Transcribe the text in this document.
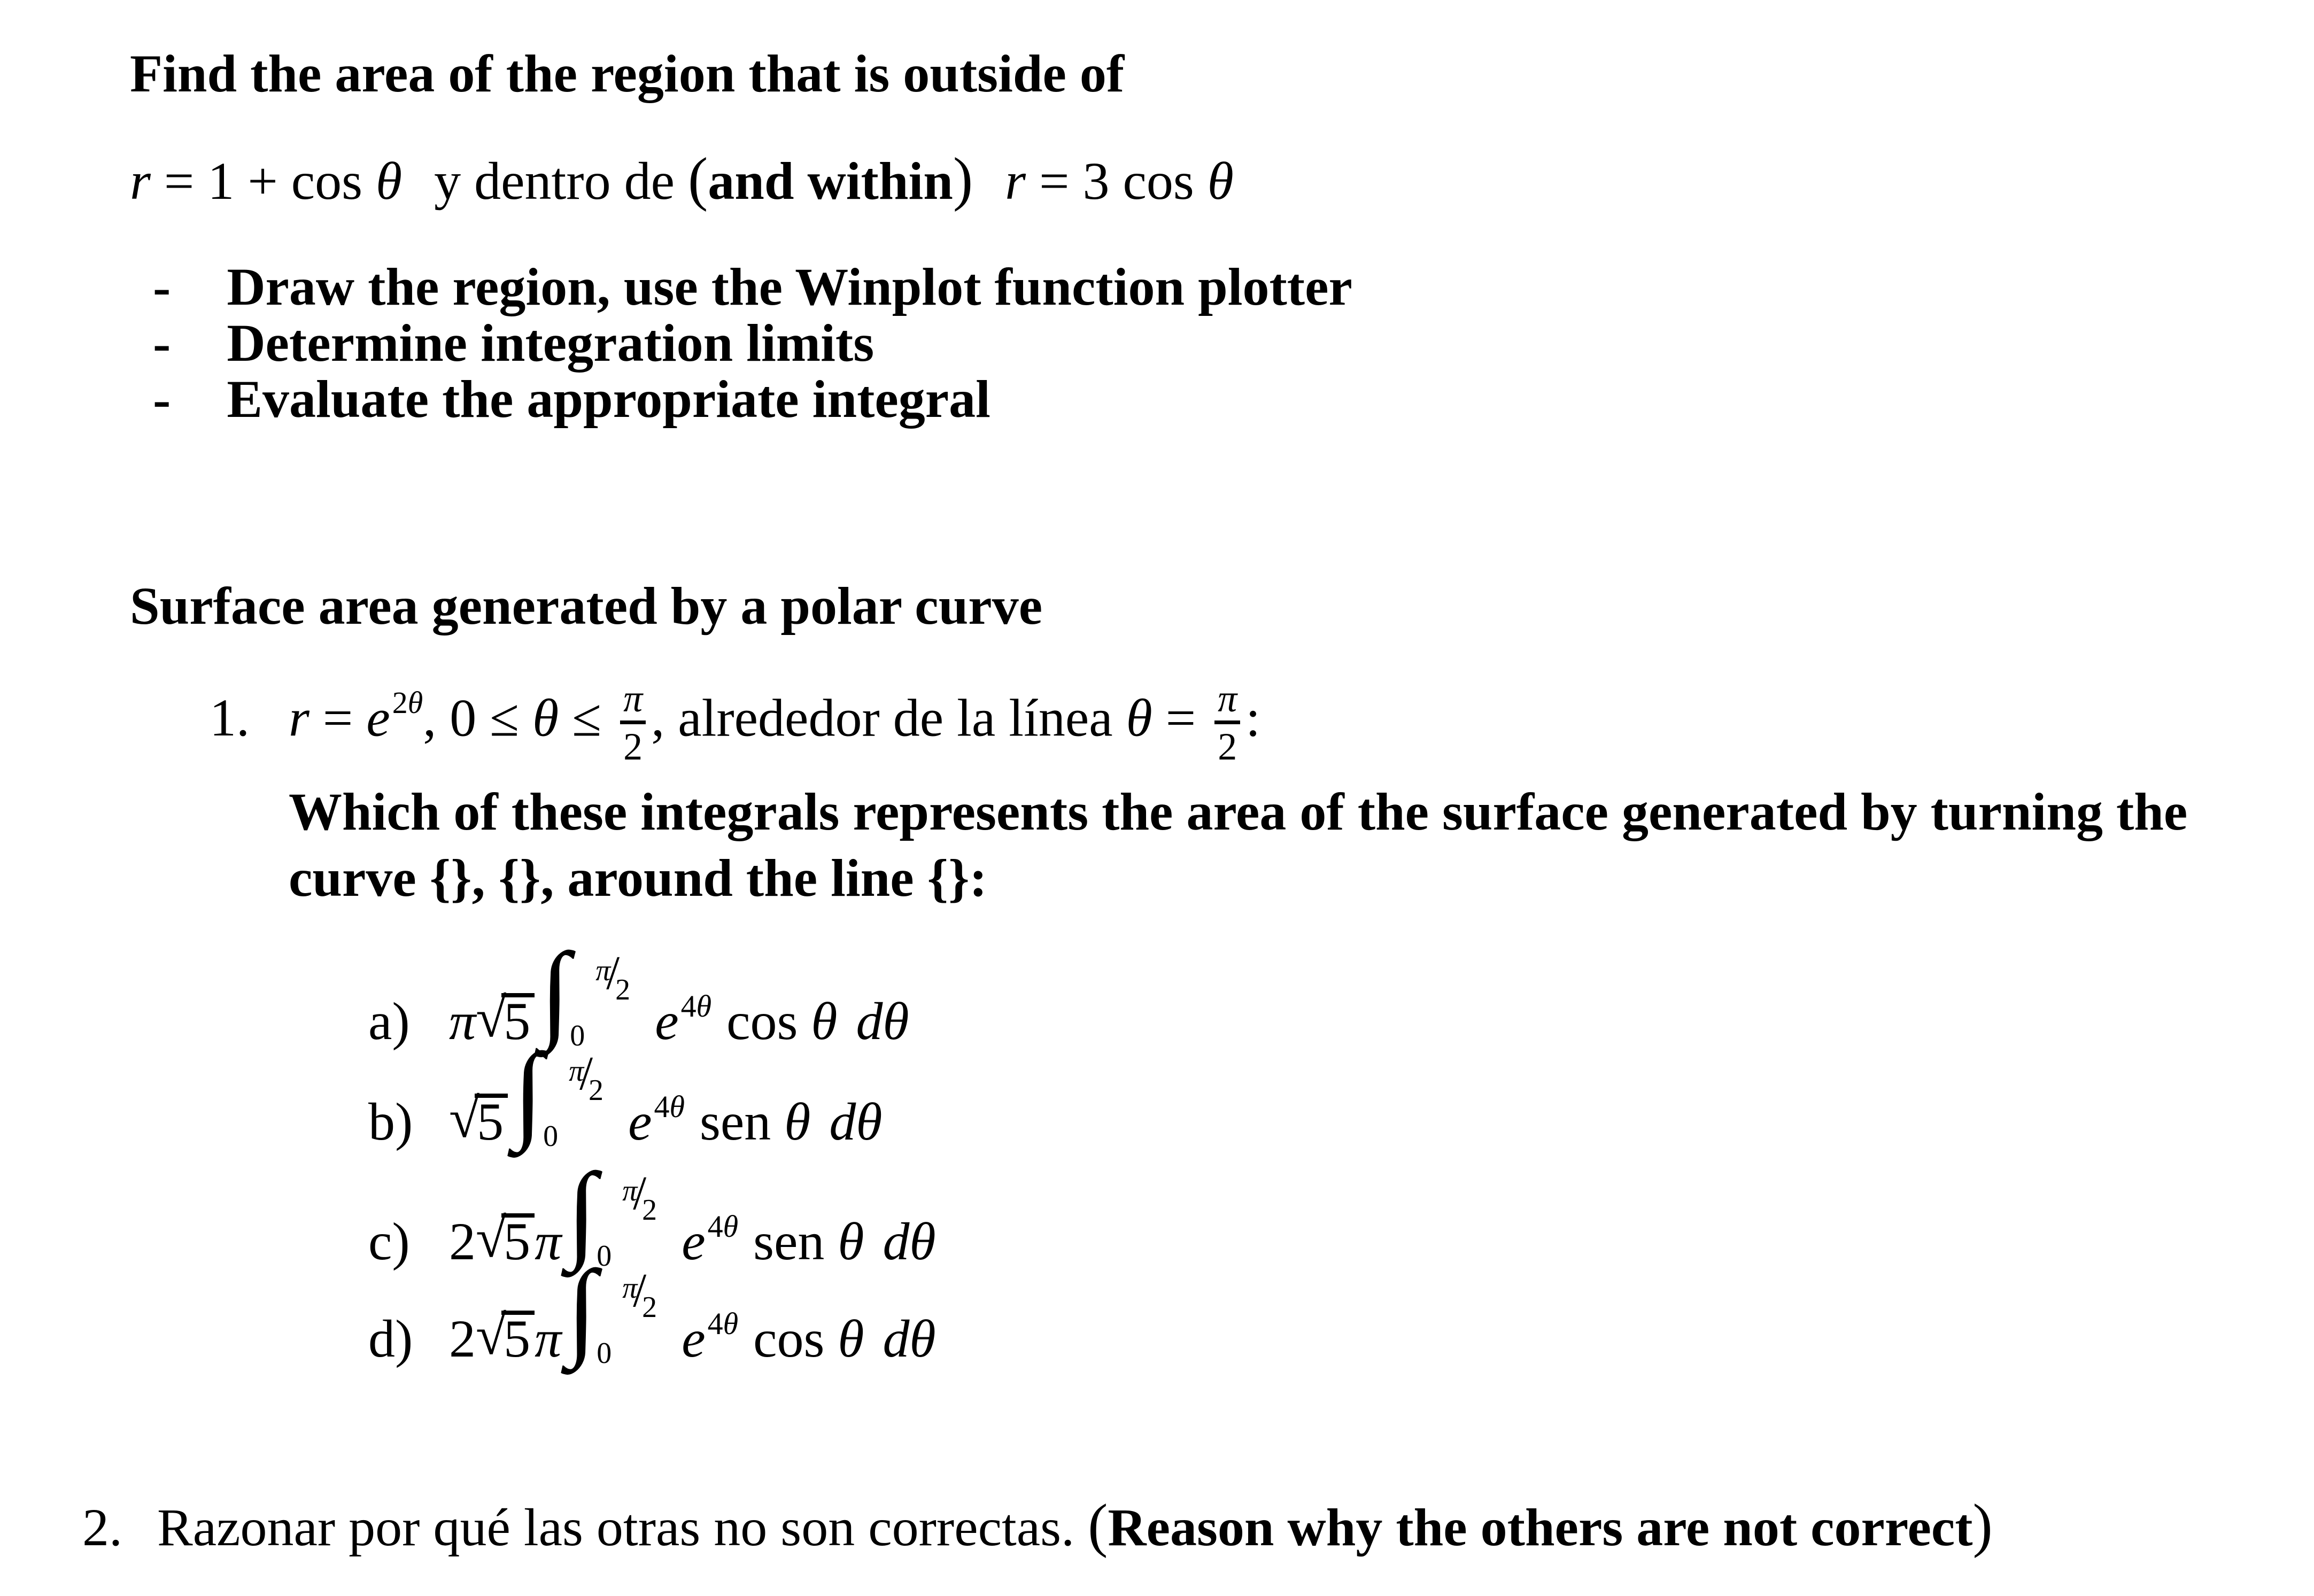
Find the area of the region that is outside of
r = 1 + cos θ y dentro de (and within) r = 3 cos θ
- Draw the region, use the Winplot function plotter
- Determine integration limits
- Evaluate the appropriate integral
Surface area generated by a polar curve
1. $r = e^{2\theta}$, $0 \le \theta \le \frac{\pi}{2}$ , alrededor de la línea $\theta = \frac{\pi}{2}$ :
Which of these integrals represents the area of the surface generated by turning the
curve {}, {}, around the line {}:
a) π√5 ∫ π/2
0 $e^{4\theta}$ cos θ dθ
b) √5 ∫ π/2
0 $e^{4\theta}$ sen θ dθ
c) 2√5π ∫ π/2
0 $e^{4\theta}$ sen θ dθ
d) 2√5π ∫ π/2
0 $e^{4\theta}$ cos θ dθ
2. Razonar por qué las otras no son correctas. (Reason why the others are not correct)
